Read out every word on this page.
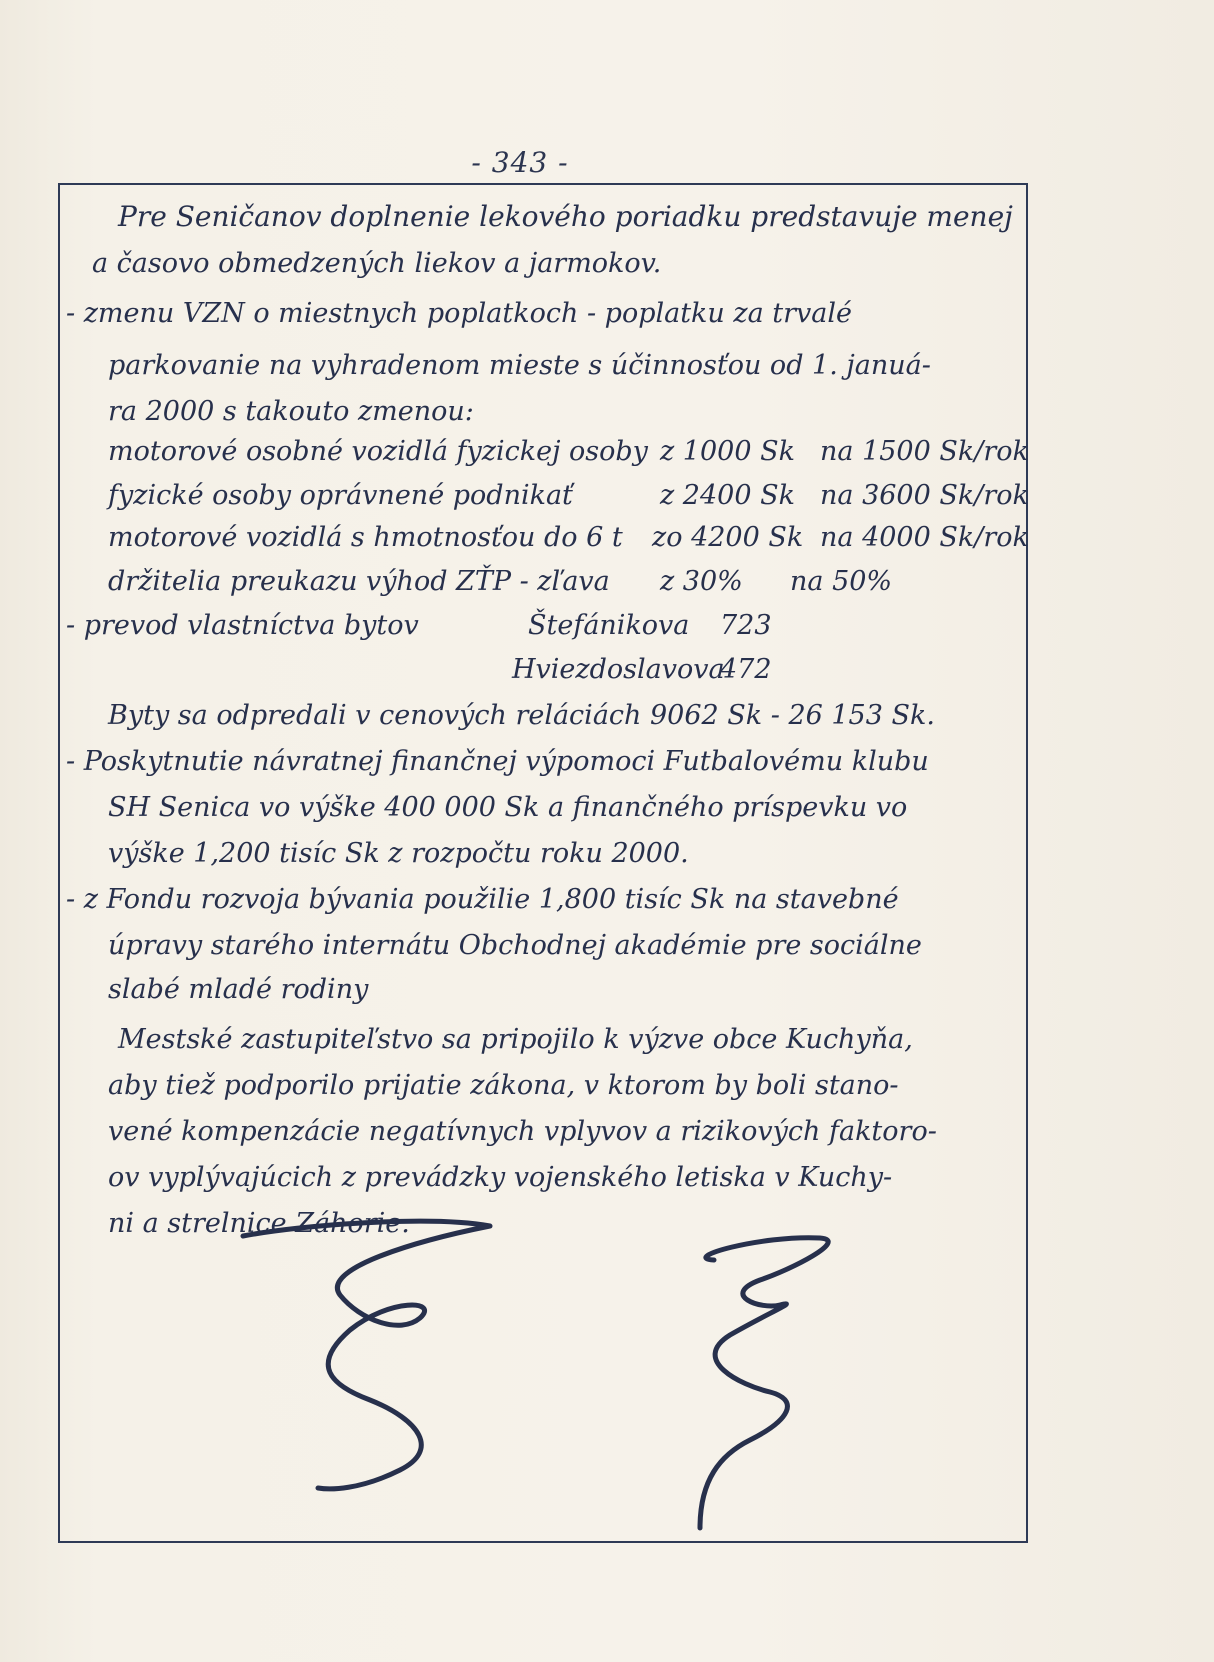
- 343 -
Pre Seničanov doplnenie lekového poriadku predstavuje menej
a časovo obmedzených liekov a jarmokov.
- zmenu VZN o miestnych poplatkoch - poplatku za trvalé
parkovanie na vyhradenom mieste s účinnosťou od 1. januá-
ra 2000 s takouto zmenou:
motorové osobné vozidlá fyzickej osoby z 1000 Sk na 1500 Sk/rok
fyzické osoby oprávnené podnikať	z 2400 Sk na 3600 Sk/rok
motorové vozidlá s hmotnosťou do 6 t zo 4200 Sk na 4000 Sk/rok
držitelia preukazu výhod ZŤP - zľava z 30% na 50%
- prevod vlastníctva bytov	Štefánikova 723
Hviezdoslavova
472
Byty sa odpredali v cenových reláciách 9062 Sk - 26 153 Sk.
- Poskytnutie návratnej finančnej výpomoci Futbalovému klubu
SH Senica vo výške 400 000 Sk a finančného príspevku vo
výške 1,200 tisíc Sk z rozpočtu roku 2000.
- z Fondu rozvoja bývania použilie 1,800 tisíc Sk na stavebné
úpravy starého internátu Obchodnej akadémie pre sociálne
slabé mladé rodiny
Mestské zastupiteľstvo sa pripojilo k výzve obce Kuchyňa,
aby tiež podporilo prijatie zákona, v ktorom by boli stano-
vené kompenzácie negatívnych vplyvov a rizikových faktoro-
ov vyplývajúcich z prevádzky vojenského letiska v Kuchy-
ni a strelnice Záhorie.
